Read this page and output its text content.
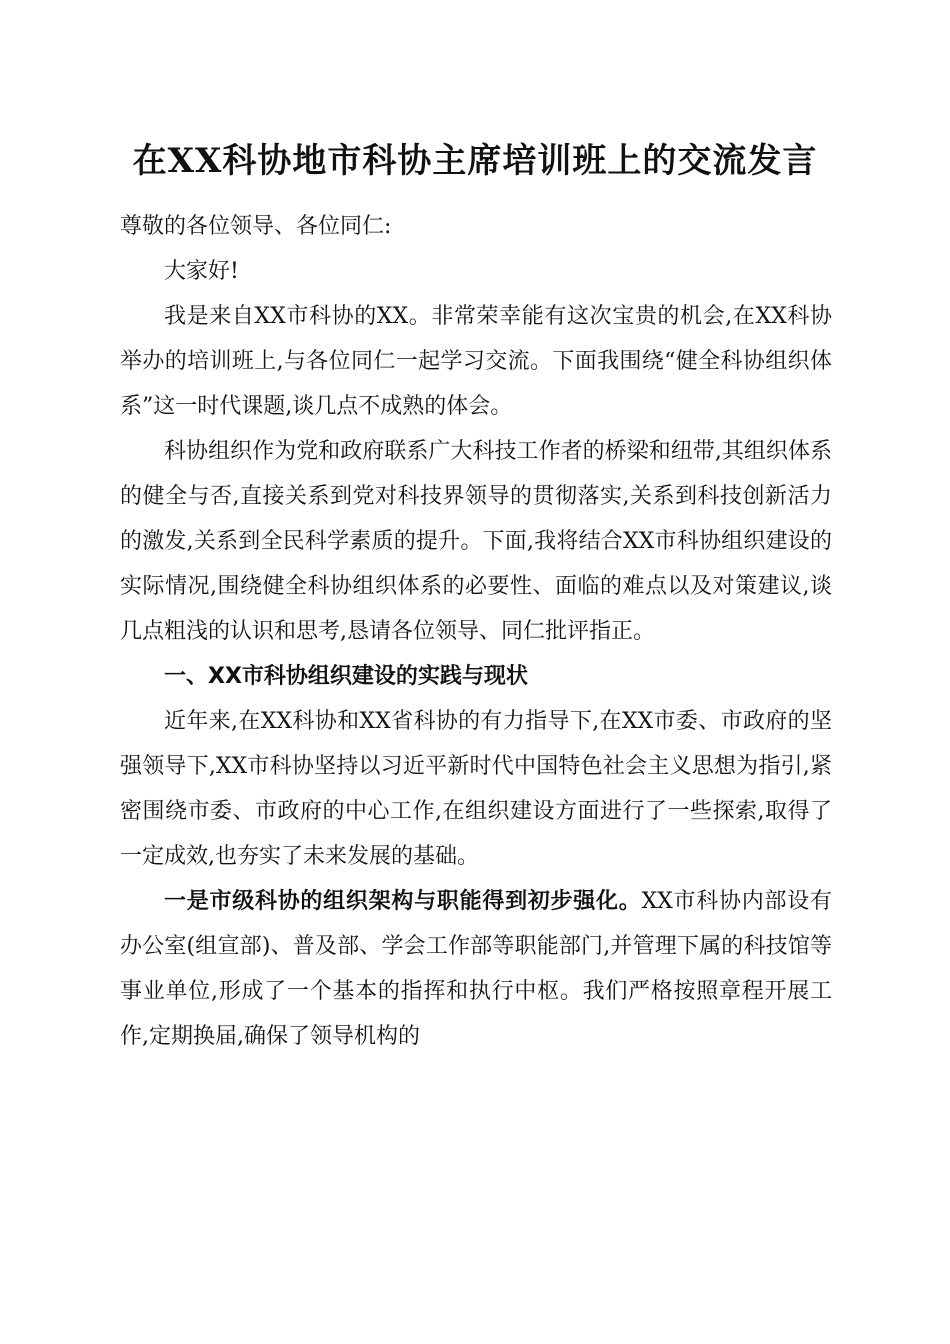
在XX科协地市科协主席培训班上的交流发言

尊敬的各位领导、各位同仁:

大家好!

我是来自XX市科协的XX。非常荣幸能有这次宝贵的机会,在XX科协举办的培训班上,与各位同仁一起学习交流。下面我围绕“健全科协组织体系”这一时代课题,谈几点不成熟的体会。

科协组织作为党和政府联系广大科技工作者的桥梁和纽带,其组织体系的健全与否,直接关系到党对科技界领导的贯彻落实,关系到科技创新活力的激发,关系到全民科学素质的提升。下面,我将结合XX市科协组织建设的实际情况,围绕健全科协组织体系的必要性、面临的难点以及对策建议,谈几点粗浅的认识和思考,恳请各位领导、同仁批评指正。

一、XX市科协组织建设的实践与现状

近年来,在XX科协和XX省科协的有力指导下,在XX市委、市政府的坚强领导下,XX市科协坚持以习近平新时代中国特色社会主义思想为指引,紧密围绕市委、市政府的中心工作,在组织建设方面进行了一些探索,取得了一定成效,也夯实了未来发展的基础。

一是市级科协的组织架构与职能得到初步强化。XX市科协内部设有办公室(组宣部)、普及部、学会工作部等职能部门,并管理下属的科技馆等事业单位,形成了一个基本的指挥和执行中枢。我们严格按照章程开展工作,定期换届,确保了领导机构的
